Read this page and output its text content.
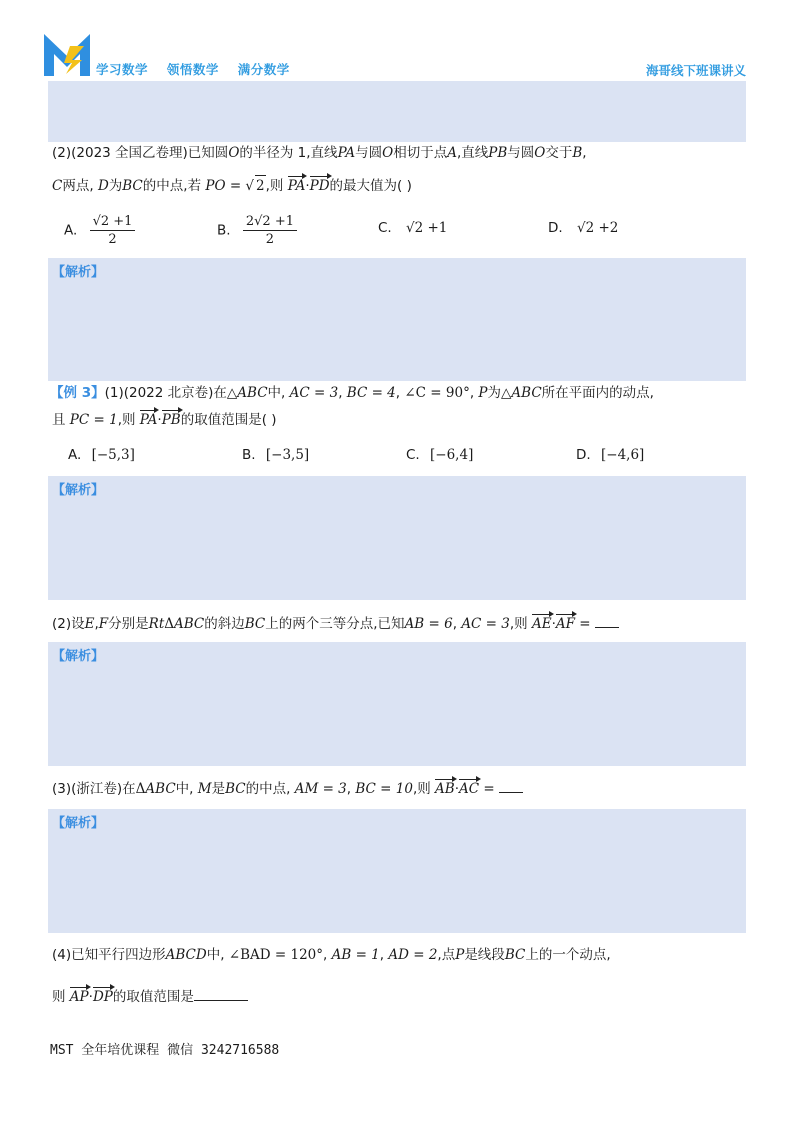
学习数学 领悟数学 满分数学	海哥线下班课讲义
(2)(2023 全国乙卷理)已知圆O的半径为 1,直线PA与圆O相切于点A,直线PB与圆O交于B,
C两点, D为BC的中点,若 PO = √ 2,则 PA·PD的最大值为( )
A. $\frac{√2 +1}{2}$	B. $\frac{2√2 +1}{2}$	C. √2 +1	D. √2 +2
【解析】
【例 3】(1)(2022 北京卷)在△ABC中, AC = 3, BC = 4, ∠C = 90°, P为△ABC所在平面内的动点,
且 PC = 1,则 PA·PB的取值范围是( )
A. [−5,3]	B. [−3,5]	C. [−6,4]	D. [−4,6]
【解析】
(2)设E,F分别是RtΔABC的斜边BC上的两个三等分点,已知AB = 6, AC = 3,则 AE·AF =
【解析】
(3)(浙江卷)在ΔABC中, M是BC的中点, AM = 3, BC = 10,则 AB·AC =
【解析】
(4)已知平行四边形ABCD中, ∠BAD = 120°, AB = 1, AD = 2,点P是线段BC上的一个动点,
则 AP·DP的取值范围是
MST 全年培优课程 微信 3242716588
